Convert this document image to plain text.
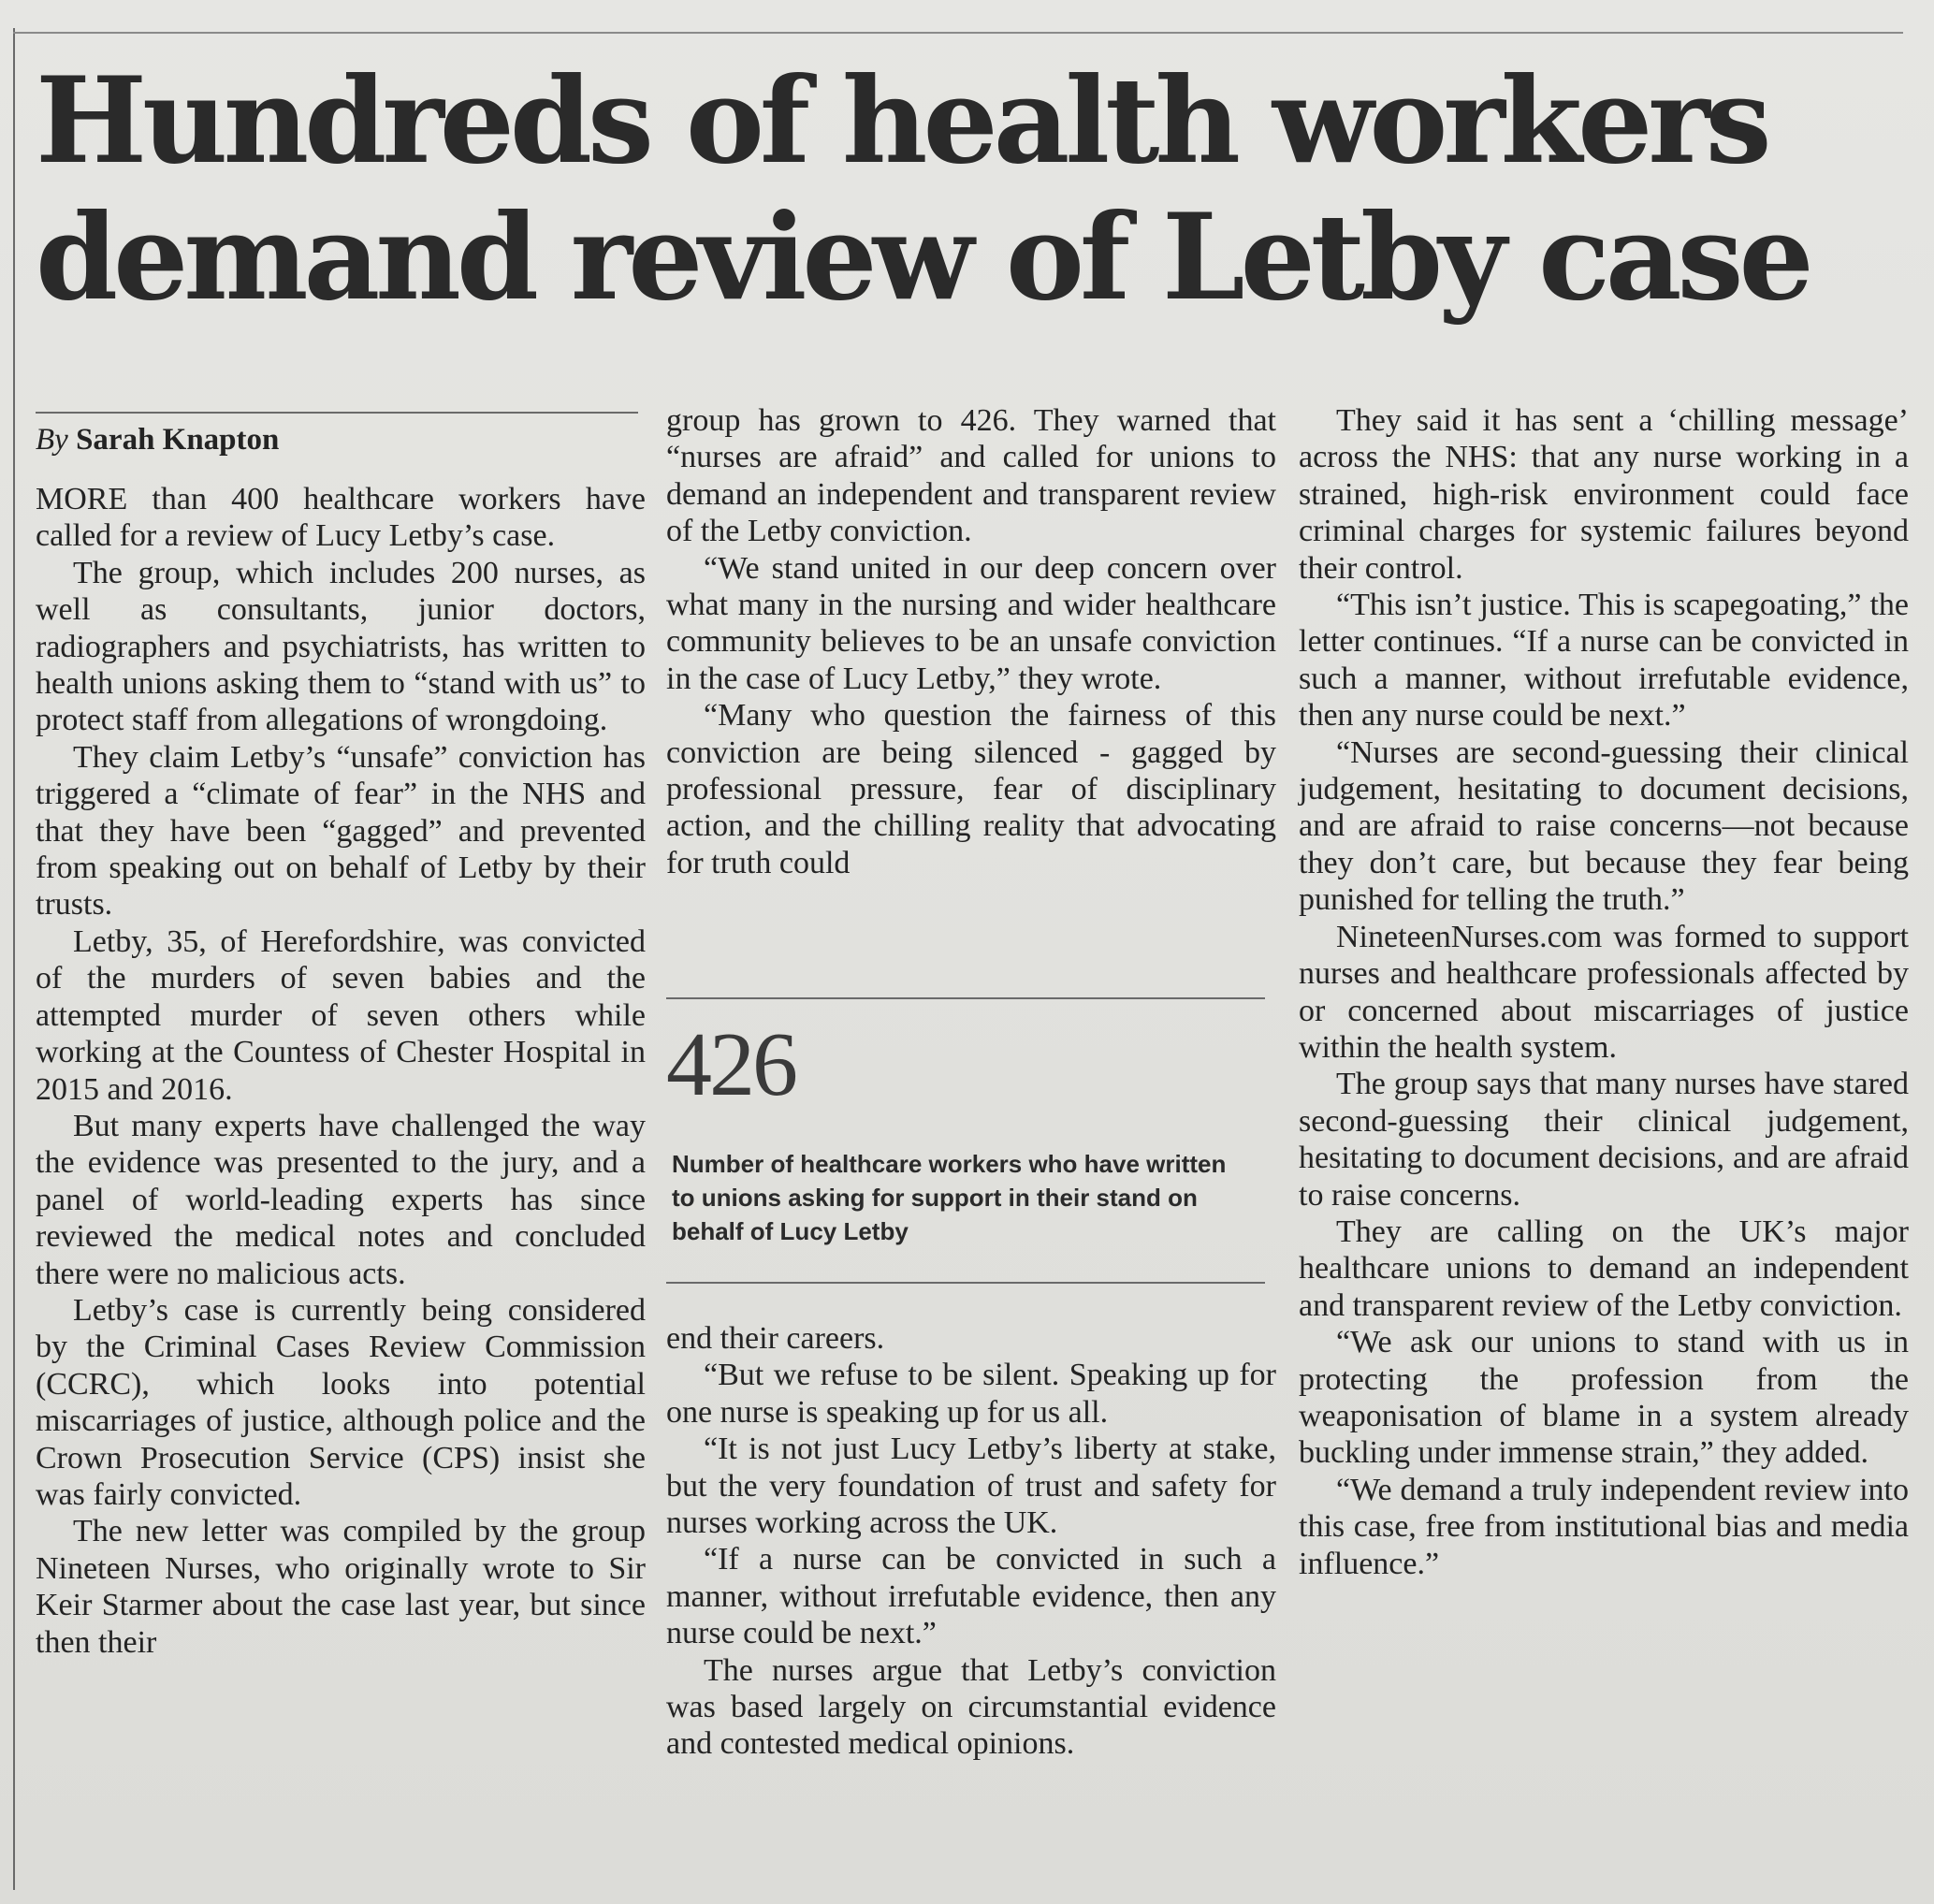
Hundreds of health workers
demand review of Letby case
By Sarah Knapton

MORE than 400 healthcare workers have called for a review of Lucy Letby’s case.

The group, which includes 200 nurses, as well as consultants, junior doctors, radiographers and psychiatrists, has written to health unions asking them to “stand with us” to protect staff from allegations of wrongdoing.

They claim Letby’s “unsafe” conviction has triggered a “climate of fear” in the NHS and that they have been “gagged” and prevented from speaking out on behalf of Letby by their trusts.

Letby, 35, of Herefordshire, was convicted of the murders of seven babies and the attempted murder of seven others while working at the Countess of Chester Hospital in 2015 and 2016.

But many experts have challenged the way the evidence was presented to the jury, and a panel of world-leading experts has since reviewed the medical notes and concluded there were no malicious acts.

Letby’s case is currently being considered by the Criminal Cases Review Commission (CCRC), which looks into potential miscarriages of justice, although police and the Crown Prosecution Service (CPS) insist she was fairly convicted.

The new letter was compiled by the group Nineteen Nurses, who originally wrote to Sir Keir Starmer about the case last year, but since then their

group has grown to 426. They warned that “nurses are afraid” and called for unions to demand an independent and transparent review of the Letby conviction.

“We stand united in our deep concern over what many in the nursing and wider healthcare community believes to be an unsafe conviction in the case of Lucy Letby,” they wrote.

“Many who question the fairness of this conviction are being silenced - gagged by professional pressure, fear of disciplinary action, and the chilling reality that advocating for truth could

426
Number of healthcare workers who have written to unions asking for support in their stand on behalf of Lucy Letby

end their careers.

“But we refuse to be silent. Speaking up for one nurse is speaking up for us all.

“It is not just Lucy Letby’s liberty at stake, but the very foundation of trust and safety for nurses working across the UK.

“If a nurse can be convicted in such a manner, without irrefutable evidence, then any nurse could be next.”

The nurses argue that Letby’s conviction was based largely on circumstantial evidence and contested medical opinions.

They said it has sent a ‘chilling message’ across the NHS: that any nurse working in a strained, high-risk environment could face criminal charges for systemic failures beyond their control.

“This isn’t justice. This is scapegoating,” the letter continues. “If a nurse can be convicted in such a manner, without irrefutable evidence, then any nurse could be next.”

“Nurses are second-guessing their clinical judgement, hesitating to document decisions, and are afraid to raise concerns—not because they don’t care, but because they fear being punished for telling the truth.”

NineteenNurses.com was formed to support nurses and healthcare professionals affected by or concerned about miscarriages of justice within the health system.

The group says that many nurses have stared second-guessing their clinical judgement, hesitating to document decisions, and are afraid to raise concerns.

They are calling on the UK’s major healthcare unions to demand an independent and transparent review of the Letby conviction.

“We ask our unions to stand with us in protecting the profession from the weaponisation of blame in a system already buckling under immense strain,” they added.

“We demand a truly independent review into this case, free from institutional bias and media influence.”
